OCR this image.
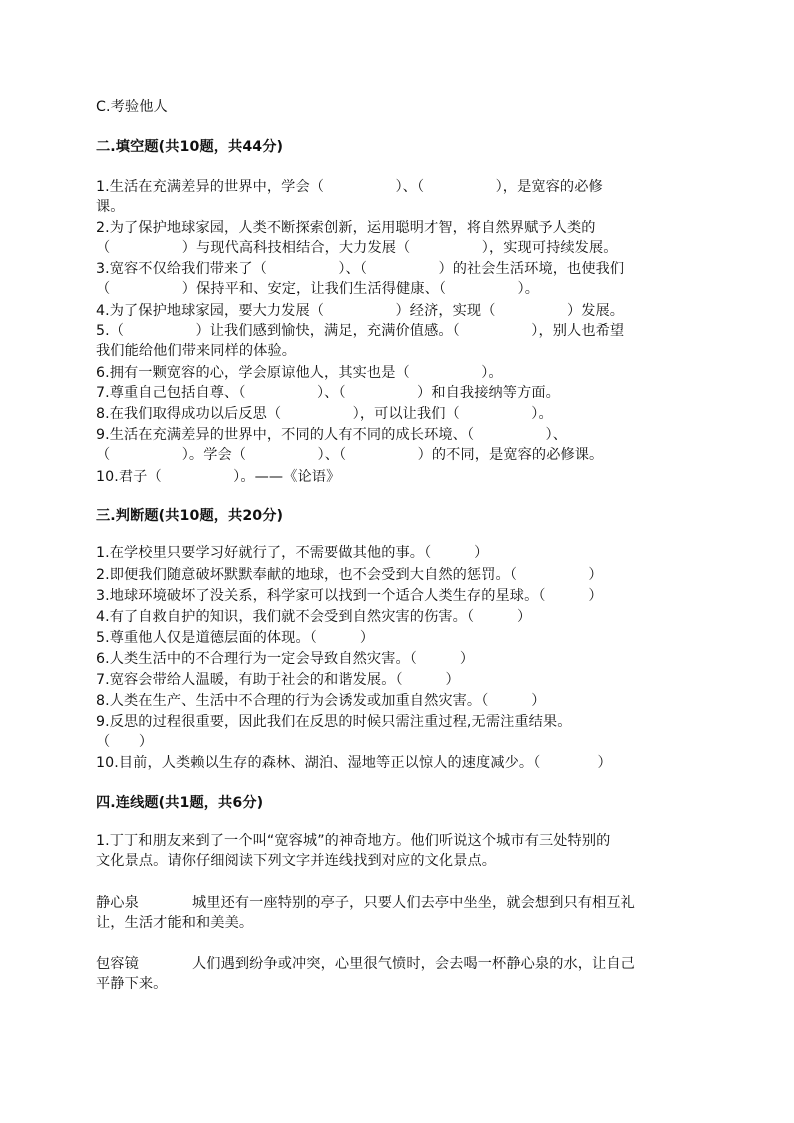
C.考验他人

二.填空题(共10题，共44分)

1.生活在充满差异的世界中，学会（　　　　　）、（　　　　　），是宽容的必修

课。

2.为了保护地球家园，人类不断探索创新，运用聪明才智，将自然界赋予人类的

（　　　　　）与现代高科技相结合，大力发展（　　　　　），实现可持续发展。

3.宽容不仅给我们带来了（　　　　　）、（　　　　　）的社会生活环境，也使我们

（　　　　　）保持平和、安定，让我们生活得健康、（　　　　　）。

4.为了保护地球家园，要大力发展（　　　　　）经济，实现（　　　　　）发展。

5.（　　　　　）让我们感到愉快，满足，充满价值感。（　　　　　），别人也希望

我们能给他们带来同样的体验。

6.拥有一颗宽容的心，学会原谅他人，其实也是（　　　　　）。

7.尊重自己包括自尊、（　　　　　）、（　　　　　）和自我接纳等方面。

8.在我们取得成功以后反思（　　　　　），可以让我们（　　　　　）。

9.生活在充满差异的世界中，不同的人有不同的成长环境、（　　　　　）、

（　　　　　）。学会（　　　　　）、（　　　　　）的不同，是宽容的必修课。

10.君子（　　　　　）。——《论语》

三.判断题(共10题，共20分)

1.在学校里只要学习好就行了，不需要做其他的事。（　　　）

2.即便我们随意破坏默默奉献的地球，也不会受到大自然的惩罚。（　　　　　）

3.地球环境破坏了没关系，科学家可以找到一个适合人类生存的星球。（　　　）

4.有了自救自护的知识，我们就不会受到自然灾害的伤害。（　　　）

5.尊重他人仅是道德层面的体现。（　　　）

6.人类生活中的不合理行为一定会导致自然灾害。（　　　）

7.宽容会带给人温暖，有助于社会的和谐发展。（　　　）

8.人类在生产、生活中不合理的行为会诱发或加重自然灾害。（　　　）

9.反思的过程很重要，因此我们在反思的时候只需注重过程,无需注重结果。

（　　）

10.目前，人类赖以生存的森林、湖泊、湿地等正以惊人的速度减少。（　　　　）

四.连线题(共1题，共6分)

1.丁丁和朋友来到了一个叫“宽容城”的神奇地方。他们听说这个城市有三处特别的

文化景点。请你仔细阅读下列文字并连线找到对应的文化景点。

静心泉	城里还有一座特别的亭子，只要人们去亭中坐坐，就会想到只有相互礼

让，生活才能和和美美。

包容镜	人们遇到纷争或冲突，心里很气愤时，会去喝一杯静心泉的水，让自己

平静下来。
